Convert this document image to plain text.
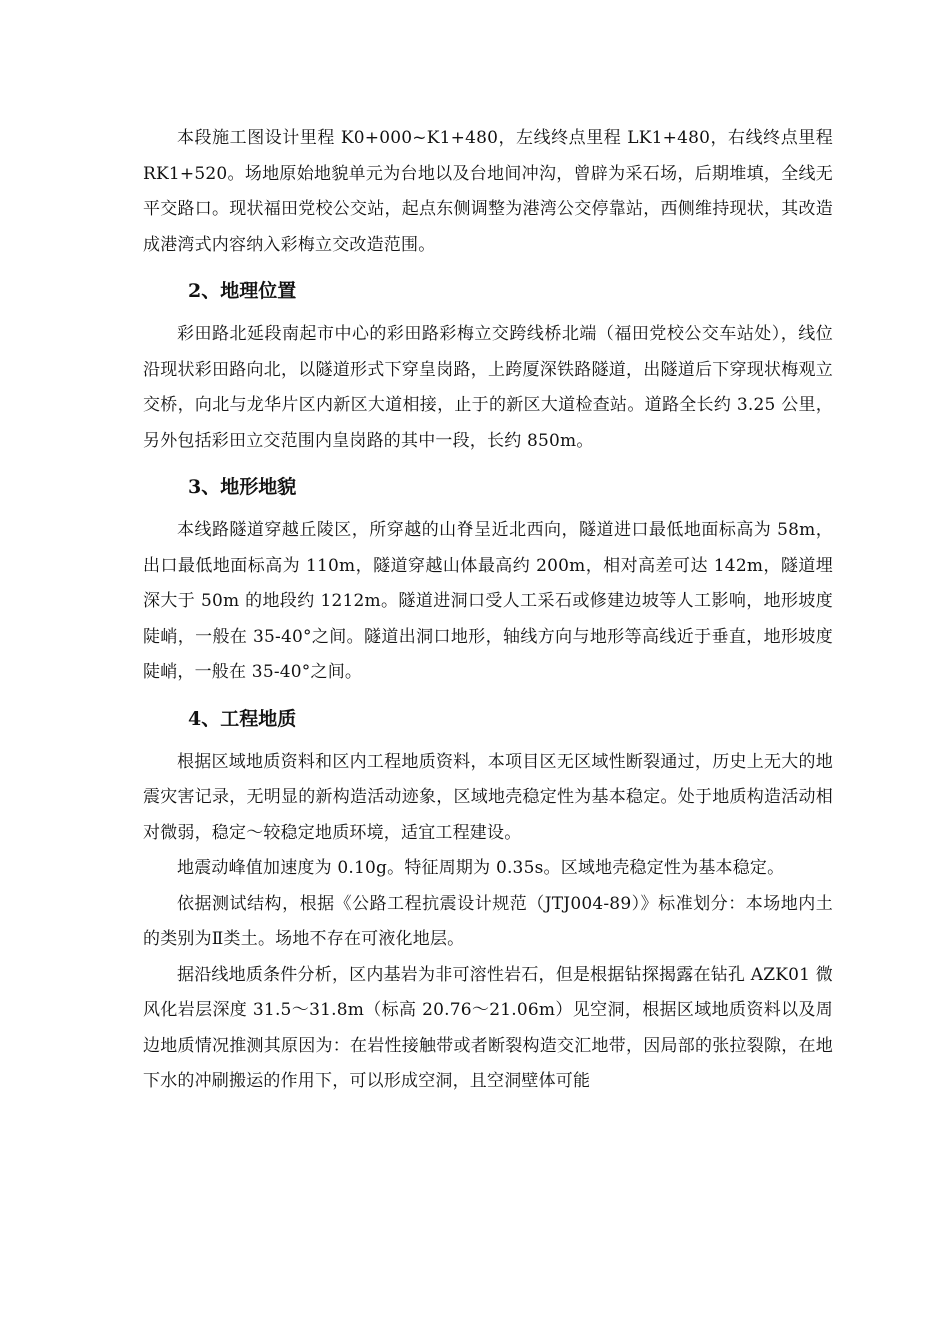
本段施工图设计里程 K0+000~K1+480，左线终点里程 LK1+480，右线终点里程 RK1+520。场地原始地貌单元为台地以及台地间冲沟，曾辟为采石场，后期堆填，全线无平交路口。现状福田党校公交站，起点东侧调整为港湾公交停靠站，西侧维持现状，其改造成港湾式内容纳入彩梅立交改造范围。

2、地理位置

彩田路北延段南起市中心的彩田路彩梅立交跨线桥北端（福田党校公交车站处），线位沿现状彩田路向北，以隧道形式下穿皇岗路，上跨厦深铁路隧道，出隧道后下穿现状梅观立交桥，向北与龙华片区内新区大道相接，止于的新区大道检查站。道路全长约 3.25 公里，另外包括彩田立交范围内皇岗路的其中一段，长约 850m。

3、地形地貌

本线路隧道穿越丘陵区，所穿越的山脊呈近北西向，隧道进口最低地面标高为 58m，出口最低地面标高为 110m，隧道穿越山体最高约 200m，相对高差可达 142m，隧道埋深大于 50m 的地段约 1212m。隧道进洞口受人工采石或修建边坡等人工影响，地形坡度陡峭，一般在 35-40°之间。隧道出洞口地形，轴线方向与地形等高线近于垂直，地形坡度陡峭，一般在 35-40°之间。

4、工程地质

根据区域地质资料和区内工程地质资料，本项目区无区域性断裂通过，历史上无大的地震灾害记录，无明显的新构造活动迹象，区域地壳稳定性为基本稳定。处于地质构造活动相对微弱，稳定～较稳定地质环境，适宜工程建设。

地震动峰值加速度为 0.10g。特征周期为 0.35s。区域地壳稳定性为基本稳定。

依据测试结构，根据《公路工程抗震设计规范（JTJ004-89）》标准划分：本场地内土的类别为Ⅱ类土。场地不存在可液化地层。

据沿线地质条件分析，区内基岩为非可溶性岩石，但是根据钻探揭露在钻孔 AZK01 微风化岩层深度 31.5～31.8m（标高 20.76～21.06m）见空洞，根据区域地质资料以及周边地质情况推测其原因为：在岩性接触带或者断裂构造交汇地带，因局部的张拉裂隙，在地下水的冲刷搬运的作用下，可以形成空洞，且空洞壁体可能
